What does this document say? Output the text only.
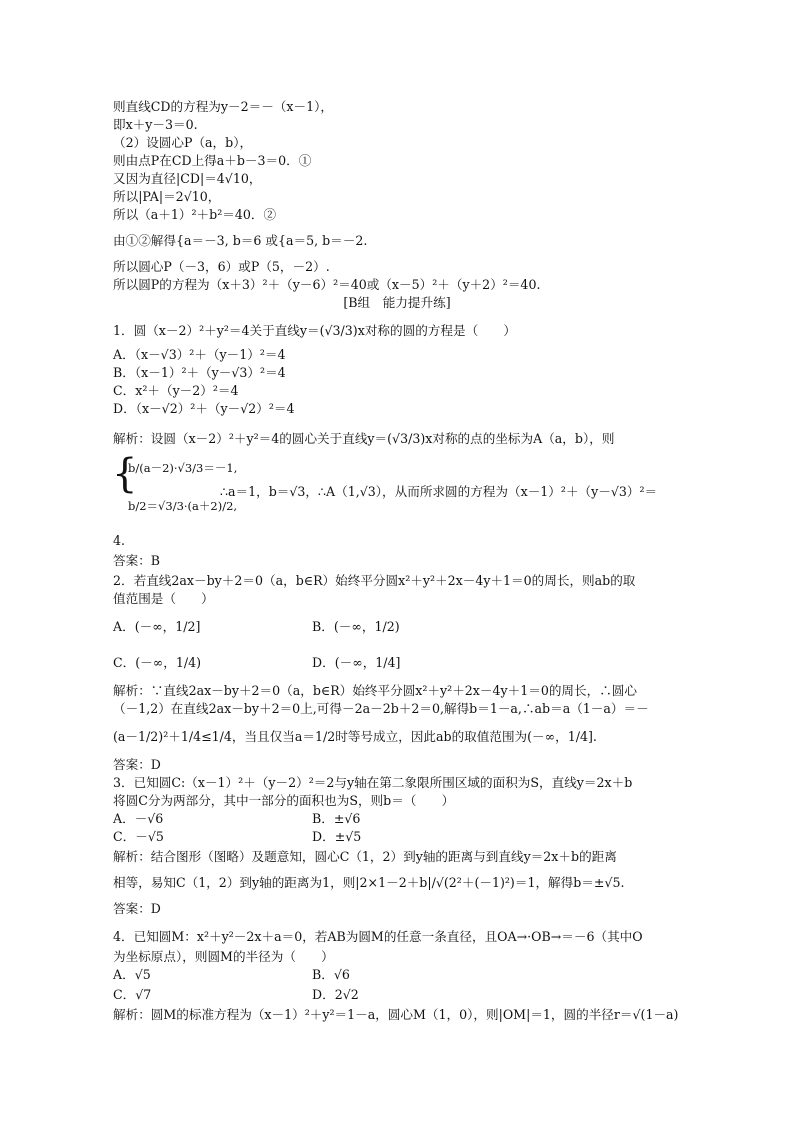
则直线CD的方程为y－2＝－（x－1），
即x＋y－3＝0.
（2）设圆心P（a，b），
则由点P在CD上得a＋b－3＝0．①
又因为直径|CD|＝4√10，
所以|PA|＝2√10，
所以（a＋1）²＋b²＝40．②
由①②解得{a＝－3, b＝6 或{a＝5, b＝－2.
所以圆心P（－3，6）或P（5，－2）.
所以圆P的方程为（x＋3）²＋（y－6）²＝40或（x－5）²＋（y＋2）²＝40.
[B组　能力提升练]
1．圆（x－2）²＋y²＝4关于直线y＝(√3/3)x对称的圆的方程是（　　）
A．（x－√3）²＋（y－1）²＝4
B．（x－1）²＋（y－√3）²＝4
C．x²＋（y－2）²＝4
D．（x－√2）²＋（y－√2）²＝4
解析：设圆（x－2）²＋y²＝4的圆心关于直线y＝(√3/3)x对称的点的坐标为A（a，b），则
{
b/(a－2)·√3/3＝－1,
∴a＝1，b＝√3，∴A（1,√3），从而所求圆的方程为（x－1）²＋（y－√3）²＝
b/2＝√3/3·(a＋2)/2,
4.
答案：B
2．若直线2ax－by＋2＝0（a，b∈R）始终平分圆x²＋y²＋2x－4y＋1＝0的周长，则ab的取
值范围是（　　）
A．(－∞，1/2]	B．(－∞，1/2)
C．(－∞，1/4)	D．(－∞，1/4]
解析：∵直线2ax－by＋2＝0（a，b∈R）始终平分圆x²＋y²＋2x－4y＋1＝0的周长，∴圆心
（－1,2）在直线2ax－by＋2＝0上,可得－2a－2b＋2＝0,解得b＝1－a,∴ab＝a（1－a）＝－
(a－1/2)²＋1/4≤1/4，当且仅当a＝1/2时等号成立，因此ab的取值范围为(－∞，1/4].
答案：D
3．已知圆C:（x－1）²＋（y－2）²＝2与y轴在第二象限所围区域的面积为S，直线y＝2x＋b
将圆C分为两部分，其中一部分的面积也为S，则b＝（　　）
A．－√6	B．±√6
C．－√5	D．±√5
解析：结合图形（图略）及题意知，圆心C（1，2）到y轴的距离与到直线y＝2x＋b的距离
相等，易知C（1，2）到y轴的距离为1，则|2×1－2＋b|/√(2²＋(－1)²)＝1，解得b＝±√5.
答案：D
4．已知圆M：x²＋y²－2x＋a＝0，若AB为圆M的任意一条直径，且OA→·OB→＝－6（其中O
为坐标原点），则圆M的半径为（　　）
A．√5	B．√6
C．√7	D．2√2
解析：圆M的标准方程为（x－1）²＋y²＝1－a，圆心M（1，0），则|OM|＝1，圆的半径r＝√(1－a)
